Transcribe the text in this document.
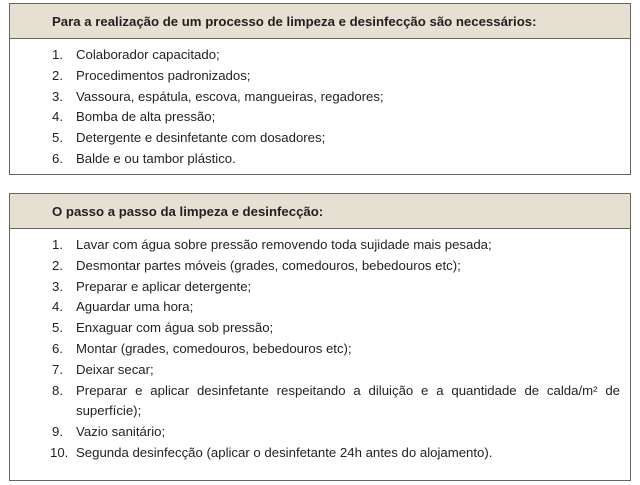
Para a realização de um processo de limpeza e desinfecção são necessários:
1. Colaborador capacitado;
2. Procedimentos padronizados;
3. Vassoura, espátula, escova, mangueiras, regadores;
4. Bomba de alta pressão;
5. Detergente e desinfetante com dosadores;
6. Balde e ou tambor plástico.
O passo a passo da limpeza e desinfecção:
1. Lavar com água sobre pressão removendo toda sujidade mais pesada;
2. Desmontar partes móveis (grades, comedouros, bebedouros etc);
3. Preparar e aplicar detergente;
4. Aguardar uma hora;
5. Enxaguar com água sob pressão;
6. Montar (grades, comedouros, bebedouros etc);
7. Deixar secar;
8. Preparar e aplicar desinfetante respeitando a diluição e a quantidade de calda/m² de superfície);
9. Vazio sanitário;
10. Segunda desinfecção (aplicar o desinfetante 24h antes do alojamento).
